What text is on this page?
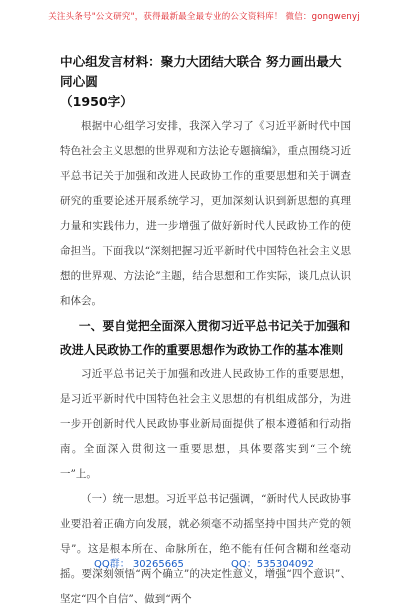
关注头条号"公文研究"，获得最新最全最专业的公文资料库！ 微信：gongwenyj

中心组发言材料：聚力大团结大联合 努力画出最大同心圆

（1950字）

根据中心组学习安排，我深入学习了《习近平新时代中国特色社会主义思想的世界观和方法论专题摘编》，重点围绕习近平总书记关于加强和改进人民政协工作的重要思想和关于调查研究的重要论述开展系统学习，更加深刻认识到新思想的真理力量和实践伟力，进一步增强了做好新时代人民政协工作的使命担当。下面我以“深刻把握习近平新时代中国特色社会主义思想的世界观、方法论”主题，结合思想和工作实际，谈几点认识和体会。

一、要自觉把全面深入贯彻习近平总书记关于加强和改进人民政协工作的重要思想作为政协工作的基本准则

习近平总书记关于加强和改进人民政协工作的重要思想，是习近平新时代中国特色社会主义思想的有机组成部分，为进一步开创新时代人民政协事业新局面提供了根本遵循和行动指南。全面深入贯彻这一重要思想，具体要落实到“三个统一”上。

（一）统一思想。习近平总书记强调，“新时代人民政协事业要沿着正确方向发展，就必须毫不动摇坚持中国共产党的领导”。这是根本所在、命脉所在，绝不能有任何含糊和丝毫动摇。要深刻领悟“两个确立”的决定性意义，增强“四个意识”、坚定“四个自信”、做到“两个

QQ群： 30265665	QQ：535304092
